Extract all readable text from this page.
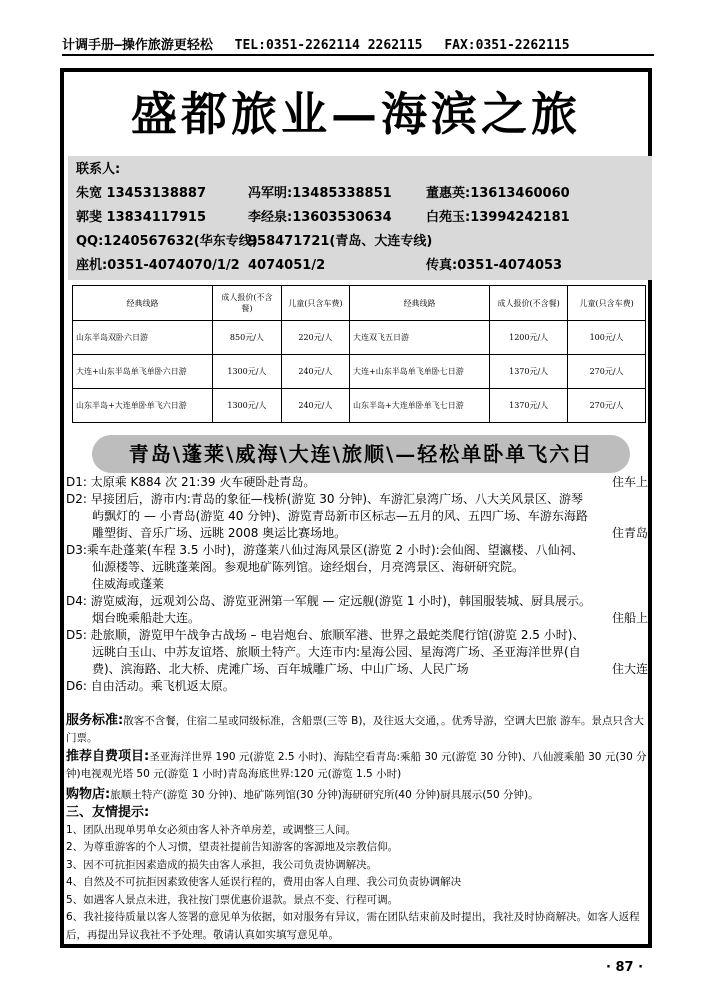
计调手册—操作旅游更轻松 TEL:0351-2262114 2262115 FAX:0351-2262115
盛都旅业—海滨之旅
联系人:
朱宽 13453138887	冯军明:13485338851	董惠英:13613460060
郭斐 13834117915	李经泉:13603530634	白苑玉:13994242181
QQ:1240567632(华东专线)
958471721(青岛、大连专线)
座机:0351-4074070/1/2 4074051/2	传真:0351-4074053
经典线路	成人报价(不含餐)	儿童(只含车费)	经典线路	成人报价(不含餐)	儿童(只含车费)
山东半岛双卧六日游	850元/人	220元/人	大连双飞五日游	1200元/人	100元/人
大连+山东半岛单飞单卧六日游	1300元/人	240元/人	大连+山东半岛单飞单卧七日游	1370元/人	270元/人
山东半岛+大连单卧单飞六日游	1300元/人	240元/人	山东半岛+大连单卧单飞七日游	1370元/人	270元/人
青岛\蓬莱\威海\大连\旅顺\—轻松单卧单飞六日
D1: 太原乘 K884 次 21:39 火车硬卧赴青岛。	住车上
D2: 早接团后，游市内:青岛的象征—栈桥(游览 30 分钟)、车游汇泉湾广场、八大关风景区、游琴
屿飘灯的 — 小青岛(游览 40 分钟)、游览青岛新市区标志—五月的风、五四广场、车游东海路
雕塑街、音乐广场、远眺 2008 奥运比赛场地。	住青岛
D3:乘车赴蓬莱(车程 3.5 小时)，游蓬莱八仙过海风景区(游览 2 小时):会仙阁、望瀛楼、八仙祠、
仙源楼等、远眺蓬莱阁。参观地矿陈列馆。途经烟台，月亮湾景区、海研研究院。
住威海或蓬莱
D4: 游览威海，远观刘公岛、游览亚洲第一军舰 — 定远舰(游览 1 小时)，韩国服装城、厨具展示。
烟台晚乘船赴大连。	住船上
D5: 赴旅顺，游览甲午战争古战场 – 电岩炮台、旅顺军港、世界之最蛇类爬行馆(游览 2.5 小时)、
远眺白玉山、中苏友谊塔、旅顺土特产。大连市内:星海公园、星海湾广场、圣亚海洋世界(自
费)、滨海路、北大桥、虎滩广场、百年城雕广场、中山广场、人民广场	住大连
D6: 自由活动。乘飞机返太原。
服务标准:散客不含餐，住宿二星或同级标准，含船票(三等 B)，及往返大交通，。优秀导游，空调大巴旅 游车。景点只含大门票。
推荐自费项目:圣亚海洋世界 190 元(游览 2.5 小时)、海陆空看青岛:乘船 30 元(游览 30 分钟)、八仙渡乘船 30 元(30 分钟)电视观光塔 50 元(游览 1 小时)青岛海底世界:120 元(游览 1.5 小时)
购物店:旅顺土特产(游览 30 分钟)、地矿陈列馆(30 分钟)海研研究所(40 分钟)厨具展示(50 分钟)。
三、友情提示:
1、团队出现单男单女必须由客人补齐单房差，或调整三人间。
2、为尊重游客的个人习惯，望责社提前告知游客的客源地及宗教信仰。
3、因不可抗拒因素造成的损失由客人承担，我公司负责协调解决。
4、自然及不可抗拒因素致使客人延误行程的，费用由客人自理、我公司负责协调解决
5、如遇客人景点未进，我社按门票优惠价退款。景点不变、行程可调。
6、我社接待质量以客人签署的意见单为依据，如对服务有异议，需在团队结束前及时提出，我社及时协商解决。如客人返程后，再提出异议我社不予处理。敬请认真如实填写意见单。
· 87 ·
